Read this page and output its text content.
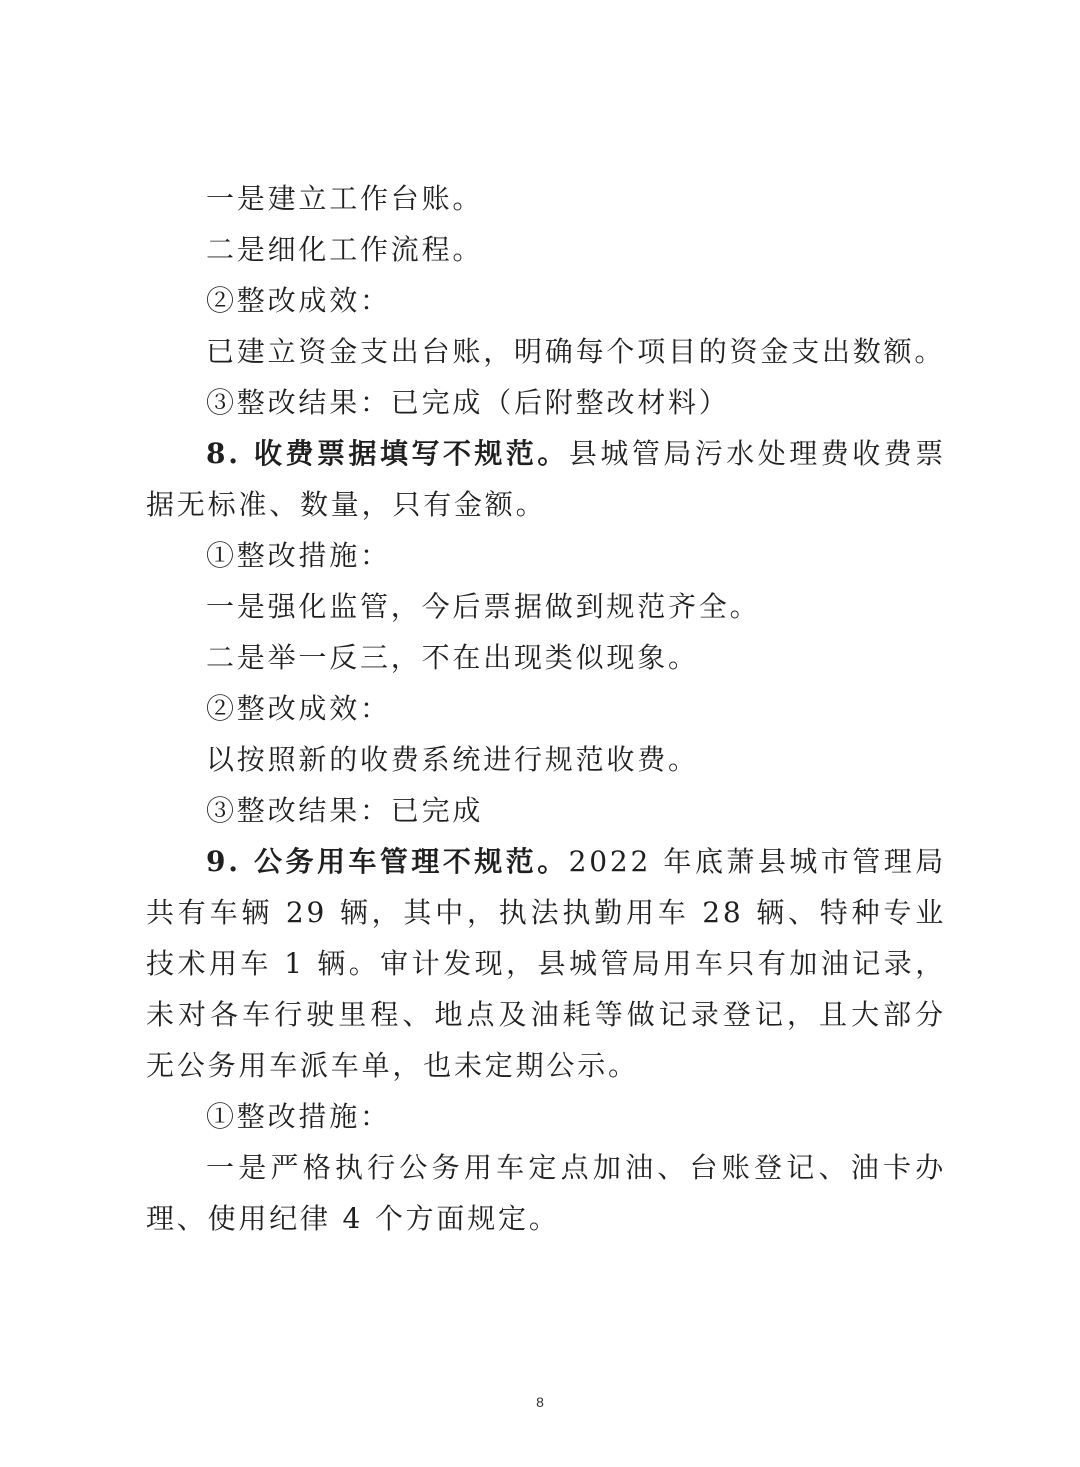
一是建立工作台账。

二是细化工作流程。

②整改成效：

已建立资金支出台账，明确每个项目的资金支出数额。

③整改结果：已完成（后附整改材料）

8. 收费票据填写不规范。县城管局污水处理费收费票据无标准、数量，只有金额。

①整改措施：

一是强化监管，今后票据做到规范齐全。

二是举一反三，不在出现类似现象。

②整改成效：

以按照新的收费系统进行规范收费。

③整改结果：已完成

9. 公务用车管理不规范。2022 年底萧县城市管理局共有车辆 29 辆，其中，执法执勤用车 28 辆、特种专业技术用车 1 辆。审计发现，县城管局用车只有加油记录，未对各车行驶里程、地点及油耗等做记录登记，且大部分无公务用车派车单，也未定期公示。

①整改措施：

一是严格执行公务用车定点加油、台账登记、油卡办理、使用纪律 4 个方面规定。

8
